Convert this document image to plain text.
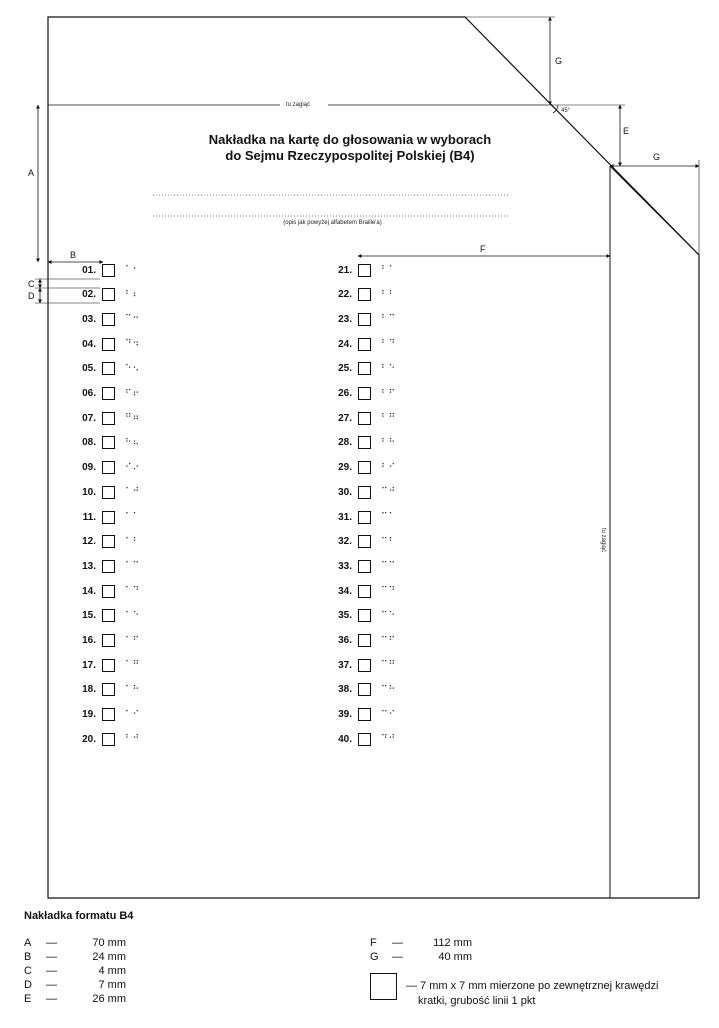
tu zagiąć
tu zagiąć
45°
Nakładka na kartę do głosowania w wyborach
do Sejmu Rzeczypospolitej Polskiej (B4)
(opis jak powyżej alfabetem Braille'a)
A
B
C
D
F
G
E
G
01.	⠁⠂
02.	⠃⠆
03.	⠉⠒
04.	⠙⠲
05.	⠑⠢
06.	⠋⠖
07.	⠛⠶
08.	⠓⠦
09.	⠊⠔
10.	⠁⠚
11.	⠁⠁
12.	⠁⠃
13.	⠁⠉
14.	⠁⠙
15.	⠁⠑
16.	⠁⠋
17.	⠁⠛
18.	⠁⠓
19.	⠁⠊
20.	⠃⠚
21.	⠃⠁
22.	⠃⠃
23.	⠃⠉
24.	⠃⠙
25.	⠃⠑
26.	⠃⠋
27.	⠃⠛
28.	⠃⠓
29.	⠃⠊
30.	⠉⠚
31.	⠉⠁
32.	⠉⠃
33.	⠉⠉
34.	⠉⠙
35.	⠉⠑
36.	⠉⠋
37.	⠉⠛
38.	⠉⠓
39.	⠉⠊
40.	⠙⠚
Nakładka formatu B4
A	—	70 mm
B	—	24 mm
C	—	4 mm
D	—	7 mm
E	—	26 mm
F	—	112 mm
G	—	40 mm
— 7 mm x 7 mm mierzone po zewnętrznej krawędzi
kratki, grubość linii 1 pkt
